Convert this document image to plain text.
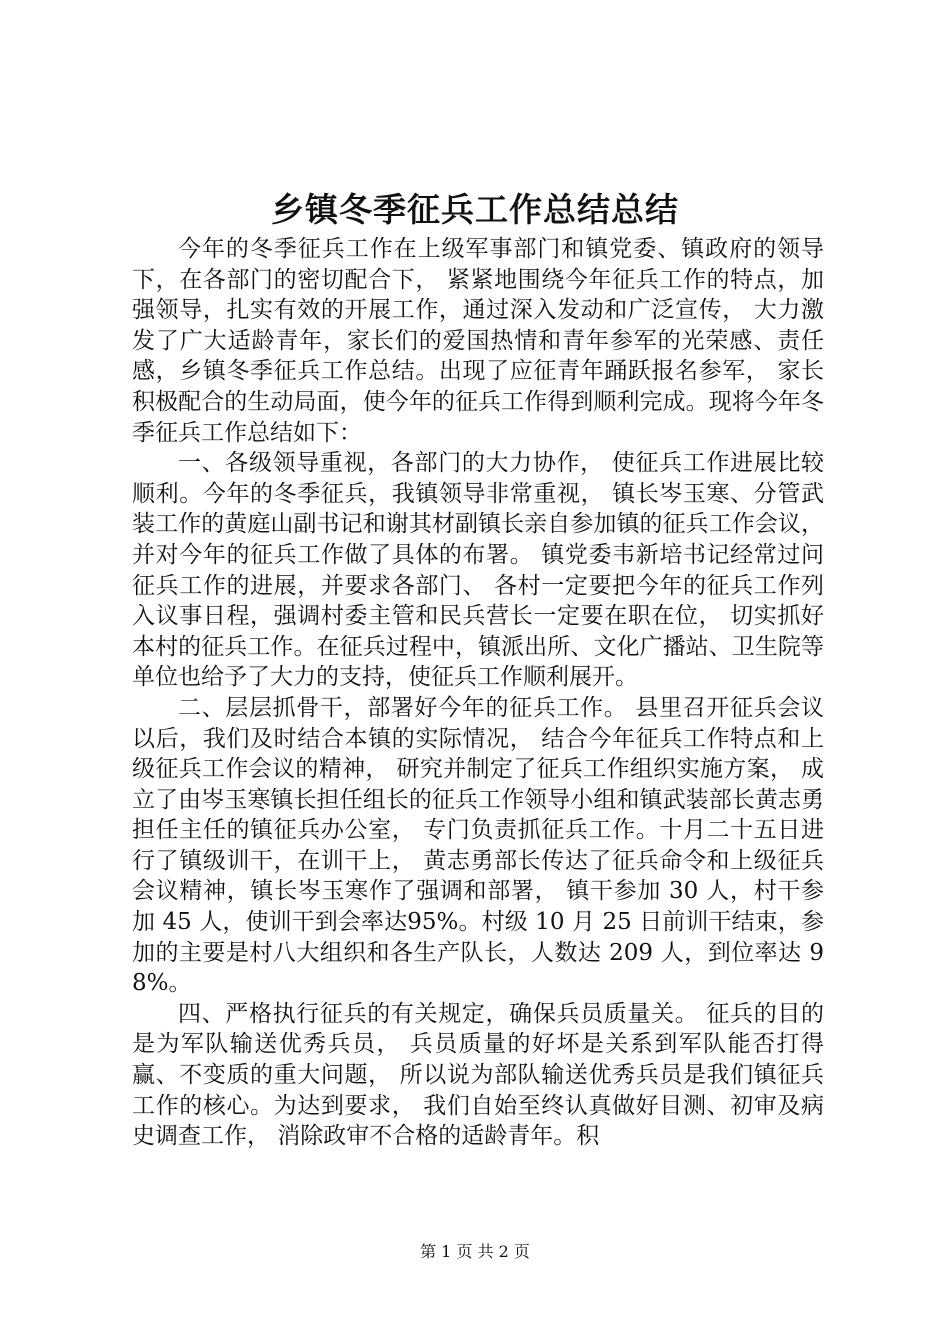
乡镇冬季征兵工作总结总结

今年的冬季征兵工作在上级军事部门和镇党委、镇政府的领导下，在各部门的密切配合下， 紧紧地围绕今年征兵工作的特点，加强领导，扎实有效的开展工作，通过深入发动和广泛宣传， 大力激发了广大适龄青年，家长们的爱国热情和青年参军的光荣感、责任感，乡镇冬季征兵工作总结。出现了应征青年踊跃报名参军， 家长积极配合的生动局面，使今年的征兵工作得到顺利完成。现将今年冬季征兵工作总结如下：

一、各级领导重视，各部门的大力协作， 使征兵工作进展比较顺利。今年的冬季征兵，我镇领导非常重视， 镇长岑玉寒、分管武装工作的黄庭山副书记和谢其材副镇长亲自参加镇的征兵工作会议，并对今年的征兵工作做了具体的布署。 镇党委韦新培书记经常过问征兵工作的进展，并要求各部门、 各村一定要把今年的征兵工作列入议事日程，强调村委主管和民兵营长一定要在职在位， 切实抓好本村的征兵工作。在征兵过程中，镇派出所、文化广播站、卫生院等单位也给予了大力的支持，使征兵工作顺利展开。

二、层层抓骨干，部署好今年的征兵工作。 县里召开征兵会议以后，我们及时结合本镇的实际情况， 结合今年征兵工作特点和上级征兵工作会议的精神， 研究并制定了征兵工作组织实施方案， 成立了由岑玉寒镇长担任组长的征兵工作领导小组和镇武装部长黄志勇担任主任的镇征兵办公室， 专门负责抓征兵工作。十月二十五日进行了镇级训干，在训干上， 黄志勇部长传达了征兵命令和上级征兵会议精神，镇长岑玉寒作了强调和部署， 镇干参加 30 人，村干参加 45 人，使训干到会率达95%。村级 10 月 25 日前训干结束，参加的主要是村八大组织和各生产队长，人数达 209 人，到位率达 98%。

四、严格执行征兵的有关规定，确保兵员质量关。 征兵的目的是为军队输送优秀兵员， 兵员质量的好坏是关系到军队能否打得赢、不变质的重大问题， 所以说为部队输送优秀兵员是我们镇征兵工作的核心。为达到要求， 我们自始至终认真做好目测、初审及病史调查工作， 消除政审不合格的适龄青年。积

第 1 页 共 2 页
